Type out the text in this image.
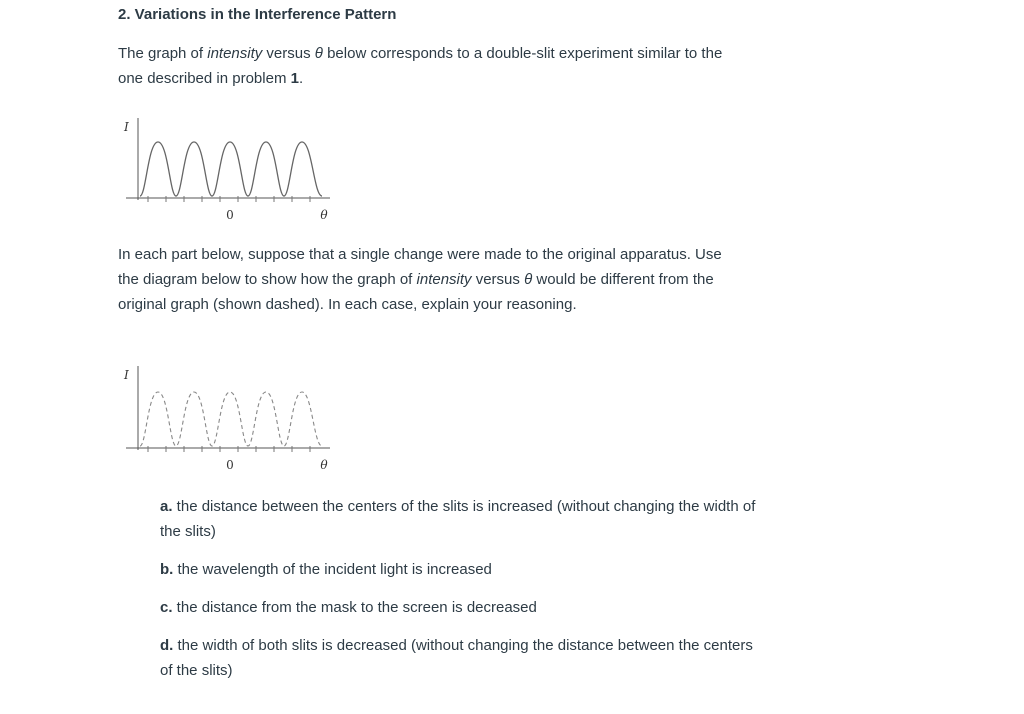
2. Variations in the Interference Pattern
The graph of intensity versus θ below corresponds to a double-slit experiment similar to the one described in problem 1.
In each part below, suppose that a single change were made to the original apparatus. Use the diagram below to show how the graph of intensity versus θ would be different from the original graph (shown dashed). In each case, explain your reasoning.
I
0	θ
I
0	θ
a. the distance between the centers of the slits is increased (without changing the width of the slits)
b. the wavelength of the incident light is increased
c. the distance from the mask to the screen is decreased
d. the width of both slits is decreased (without changing the distance between the centers of the slits)
